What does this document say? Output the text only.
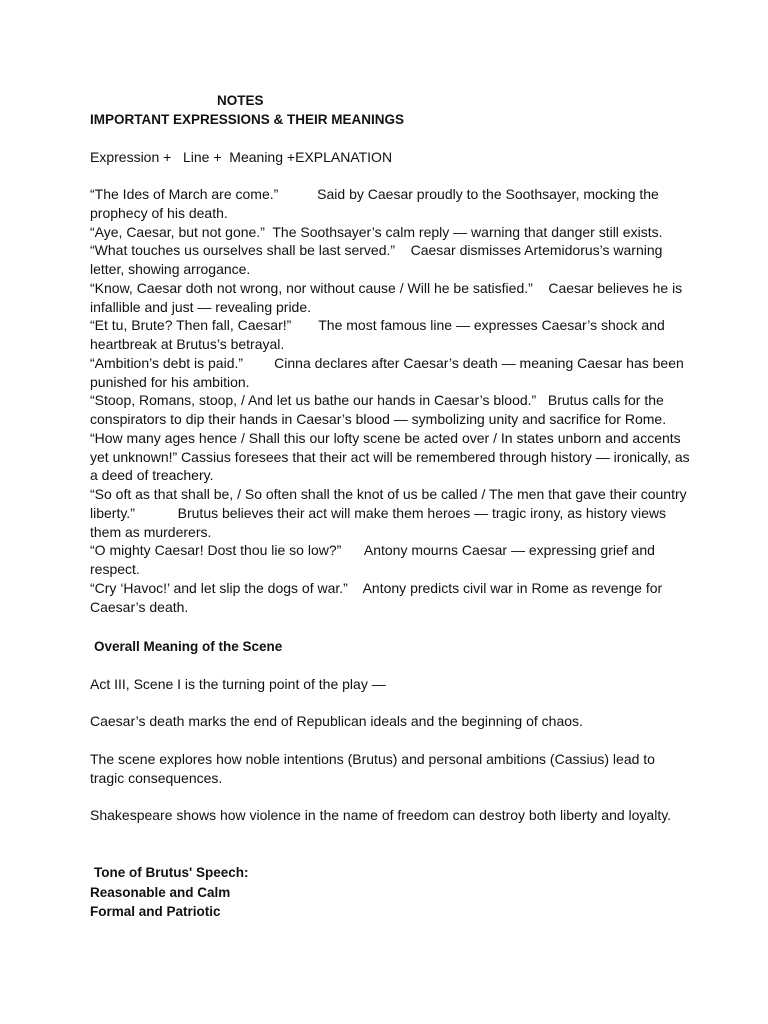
NOTES
IMPORTANT EXPRESSIONS & THEIR MEANINGS
Expression +   Line +  Meaning +EXPLANATION

“The Ides of March are come.”          Said by Caesar proudly to the Soothsayer, mocking the prophecy of his death.

“Aye, Caesar, but not gone.”  The Soothsayer’s calm reply — warning that danger still exists.

“What touches us ourselves shall be last served.”    Caesar dismisses Artemidorus’s warning letter, showing arrogance.

“Know, Caesar doth not wrong, nor without cause / Will he be satisfied.”    Caesar believes he is infallible and just — revealing pride.

“Et tu, Brute? Then fall, Caesar!”       The most famous line — expresses Caesar’s shock and heartbreak at Brutus’s betrayal.

“Ambition’s debt is paid.”        Cinna declares after Caesar’s death — meaning Caesar has been punished for his ambition.

“Stoop, Romans, stoop, / And let us bathe our hands in Caesar’s blood.”   Brutus calls for the conspirators to dip their hands in Caesar’s blood — symbolizing unity and sacrifice for Rome.

“How many ages hence / Shall this our lofty scene be acted over / In states unborn and accents yet unknown!” Cassius foresees that their act will be remembered through history — ironically, as a deed of treachery.

“So oft as that shall be, / So often shall the knot of us be called / The men that gave their country liberty.”           Brutus believes their act will make them heroes — tragic irony, as history views them as murderers.

“O mighty Caesar! Dost thou lie so low?”      Antony mourns Caesar — expressing grief and respect.

“Cry ‘Havoc!’ and let slip the dogs of war.”    Antony predicts civil war in Rome as revenge for Caesar’s death.

Overall Meaning of the Scene

Act III, Scene I is the turning point of the play —

Caesar’s death marks the end of Republican ideals and the beginning of chaos.

The scene explores how noble intentions (Brutus) and personal ambitions (Cassius) lead to tragic consequences.

Shakespeare shows how violence in the name of freedom can destroy both liberty and loyalty.

Tone of Brutus' Speech:
Reasonable and Calm
Formal and Patriotic
